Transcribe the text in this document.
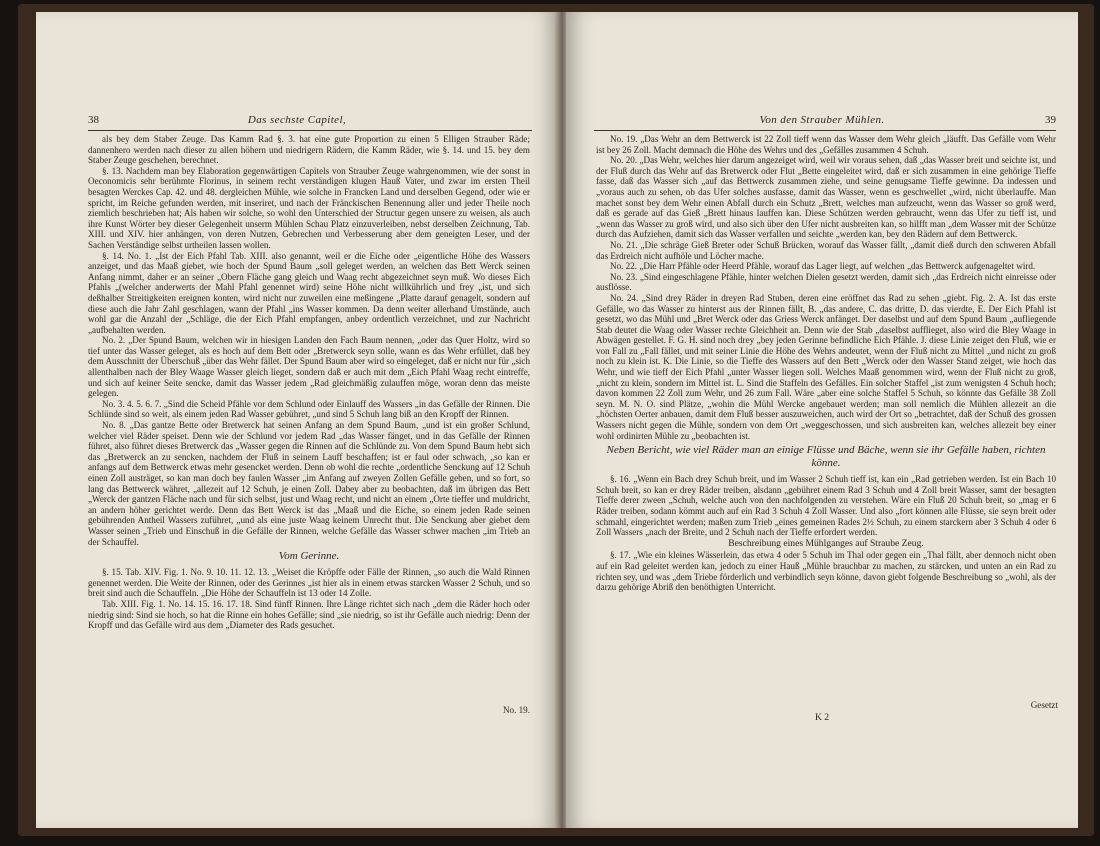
38	Das sechste Capitel,

als bey dem Staber Zeuge. Das Kamm Rad §. 3. hat eine gute Proportion zu einen 5 Elligen Strauber Räde; dannenhero werden nach dieser zu allen höhern und niedrigern Rädern, die Kamm Räder, wie §. 14. und 15. bey dem Staber Zeuge geschehen, berechnet.

§. 13. Nachdem man bey Elaboration gegenwärtigen Capitels von Strauber Zeuge wahrgenommen, wie der sonst in Oeconomicis sehr berühmte Florinus, in seinem recht verständigen klugen Hauß Vater, und zwar im ersten Theil besagten Werckes Cap. 42. und 48. dergleichen Mühle, wie solche in Francken Land und derselben Gegend, oder wie er spricht, im Reiche gefunden werden, mit inseriret, und nach der Fränckischen Benennung aller und jeder Theile noch ziemlich beschrieben hat; Als haben wir solche, so wohl den Unterschied der Structur gegen unsere zu weisen, als auch ihre Kunst Wörter bey dieser Gelegenheit unserm Mühlen Schau Platz einzuverleiben, nebst derselben Zeichnung, Tab. XIII. und XIV. hier anhängen, von deren Nutzen, Gebrechen und Verbesserung aber dem geneigten Leser, und der Sachen Verständige selbst urtheilen lassen wollen.

§. 14. No. 1. „Ist der Eich Pfahl Tab. XIII. also genannt, weil er die Eiche oder „eigentliche Höhe des Wassers anzeiget, und das Maaß giebet, wie hoch der Spund Baum „soll geleget werden, an welchen das Bett Werck seinen Anfang nimmt, daher er an seiner „Obern Fläche gang gleich und Waag recht abgezeichnet seyn muß. Wo dieses Eich Pfahls „(welcher anderwerts der Mahl Pfahl genennet wird) seine Höhe nicht willkührlich und frey „ist, und sich deßhalber Streitigkeiten ereignen konten, wird nicht nur zuweilen eine meßingene „Platte darauf genagelt, sondern auf diese auch die Jahr Zahl geschlagen, wann der Pfahl „ins Wasser kommen. Da denn weiter allerhand Umstände, auch wohl gar die Anzahl der „Schläge, die der Eich Pfahl empfangen, anbey ordentlich verzeichnet, und zur Nachricht „aufbehalten werden.

No. 2. „Der Spund Baum, welchen wir in hiesigen Landen den Fach Baum nennen, „oder das Quer Holtz, wird so tief unter das Wasser geleget, als es hoch auf dem Bett oder „Bretwerck seyn solle, wann es das Wehr erfüllet, daß bey dem Ausschnitt der Überschuß „über das Wehr fället. Der Spund Baum aber wird so eingeleget, daß er nicht nur für „sich allenthalben nach der Bley Waage Wasser gleich lieget, sondern daß er auch mit dem „Eich Pfahl Waag recht eintreffe, und sich auf keiner Seite sencke, damit das Wasser jedem „Rad gleichmäßig zulauffen möge, woran denn das meiste gelegen.

No. 3. 4. 5. 6. 7. „Sind die Scheid Pfähle vor dem Schlund oder Einlauff des Wassers „in das Gefälle der Rinnen. Die Schlünde sind so weit, als einem jeden Rad Wasser gebühret, „und sind 5 Schuh lang biß an den Kropff der Rinnen.

No. 8. „Das gantze Bette oder Bretwerck hat seinen Anfang an dem Spund Baum, „und ist ein großer Schlund, welcher viel Räder speiset. Denn wie der Schlund vor jedem Rad „das Wasser fänget, und in das Gefälle der Rinnen führet, also führet dieses Bretwerck das „Wasser gegen die Rinnen auf die Schlünde zu. Von dem Spund Baum hebt sich das „Bretwerck an zu sencken, nachdem der Fluß in seinem Lauff beschaffen; ist er faul oder schwach, „so kan er anfangs auf dem Bettwerck etwas mehr gesencket werden. Denn ob wohl die rechte „ordentliche Senckung auf 12 Schuh einen Zoll austräget, so kan man doch bey faulen Wasser „im Anfang auf zweyen Zollen Gefälle geben, und so fort, so lang das Bettwerck währet, „allezeit auf 12 Schuh, je einen Zoll. Dabey aber zu beobachten, daß im übrigen das Bett „Werck der gantzen Fläche nach und für sich selbst, just und Waag recht, und nicht an einem „Orte tieffer und muldricht, an andern höher gerichtet werde. Denn das Bett Werck ist das „Maaß und die Eiche, so einem jeden Rade seinen gebührenden Antheil Wassers zuführet, „und als eine juste Waag keinem Unrecht thut. Die Senckung aber giebet dem Wasser seinen „Trieb und Einschuß in die Gefälle der Rinnen, welche Gefälle das Wasser schwer machen „im Trieb an der Schauffel.

Vom Gerinne.

§. 15. Tab. XIV. Fig. 1. No. 9. 10. 11. 12. 13. „Weiset die Kröpffe oder Fälle der Rinnen, „so auch die Wald Rinnen genennet werden. Die Weite der Rinnen, oder des Gerinnes „ist hier als in einem etwas starcken Wasser 2 Schuh, und so breit sind auch die Schauffeln. „Die Höhe der Schauffeln ist 13 oder 14 Zolle.

Tab. XIII. Fig. 1. No. 14. 15. 16. 17. 18. Sind fünff Rinnen. Ihre Länge richtet sich nach „dem die Räder hoch oder niedrig sind: Sind sie hoch, so hat die Rinne ein hohes Gefälle; sind „sie niedrig, so ist ihr Gefälle auch niedrig: Denn der Kropff und das Gefälle wird aus dem „Diameter des Rads gesuchet.

No. 19.
Von den Strauber Mühlen.	39

No. 19. „Das Wehr an dem Bettwerck ist 22 Zoll tieff wenn das Wasser dem Wehr gleich „läufft. Das Gefälle vom Wehr ist bey 26 Zoll. Macht demnach die Höhe des Wehrs und des „Gefälles zusammen 4 Schuh.

No. 20. „Das Wehr, welches hier darum angezeiget wird, weil wir voraus sehen, daß „das Wasser breit und seichte ist, und der Fluß durch das Wehr auf das Bretwerck oder Flut „Bette eingeleitet wird, daß er sich zusammen in eine gehörige Tieffe fasse, daß das Wasser sich „auf das Bettwerck zusammen ziehe, und seine genugsame Tieffe gewinne. Da indessen und „voraus auch zu sehen, ob das Ufer solches ausfasse, damit das Wasser, wenn es geschwellet „wird, nicht überlauffe. Man machet sonst bey dem Wehr einen Abfall durch ein Schutz „Brett, welches man aufzeucht, wenn das Wasser so groß werd, daß es gerade auf das Gieß „Brett hinaus lauffen kan. Diese Schützen werden gebraucht, wenn das Ufer zu tieff ist, und „wenn das Wasser zu groß wird, und also sich über den Ufer nicht ausbreiten kan, so hilfft man „dem Wasser mit der Schütze durch das Aufziehen, damit sich das Wasser verfallen und seichte „werden kan, bey den Rädern auf dem Bettwerck.

No. 21. „Die schräge Gieß Breter oder Schuß Brücken, worauf das Wasser fällt, „damit dieß durch den schweren Abfall das Erdreich nicht aufhöle und Löcher mache.

No. 22. „Die Harr Pfähle oder Heerd Pfähle, worauf das Lager liegt, auf welchen „das Bettwerck aufgenageltet wird.

No. 23. „Sind eingeschlagene Pfähle, hinter welchen Dielen gesetzt werden, damit sich „das Erdreich nicht einreisse oder ausflösse.

No. 24. „Sind drey Räder in dreyen Rad Stuben, deren eine eröffnet das Rad zu sehen „giebt. Fig. 2. A. Ist das erste Gefälle, wo das Wasser zu hinterst aus der Rinnen fällt, B. „das andere, C. das dritte, D. das vierdte, E. Der Eich Pfahl ist gesetzt, wo das Mühl und „Bret Werck oder das Griess Werck anfänget. Der daselbst und auf dem Spund Baum „aufliegende Stab deutet die Waag oder Wasser rechte Gleichheit an. Denn wie der Stab „daselbst aufflieget, also wird die Bley Waage in Abwägen gestellet. F. G. H. sind noch drey „bey jeden Gerinne befindliche Eich Pfähle. J. diese Linie zeiget den Fluß, wie er von Fall zu „Fall fället, und mit seiner Linie die Höhe des Wehrs andeutet, wenn der Fluß nicht zu Mittel „und nicht zu groß noch zu klein ist. K. Die Linie, so die Tieffe des Wassers auf den Bett „Werck oder den Wasser Stand zeiget, wie hoch das Wehr, und wie tieff der Eich Pfahl „unter Wasser liegen soll. Welches Maaß genommen wird, wenn der Fluß nicht zu groß, „nicht zu klein, sondern im Mittel ist. L. Sind die Staffeln des Gefälles. Ein solcher Staffel „ist zum wenigsten 4 Schuh hoch; davon kommen 22 Zoll zum Wehr, und 26 zum Fall. Wäre „aber eine solche Staffel 5 Schuh, so könnte das Gefälle 38 Zoll seyn. M. N. O. sind Plätze, „wohin die Mühl Wercke angebauet werden; man soll nemlich die Mühlen allezeit an die „höchsten Oerter anbauen, damit dem Fluß besser auszuweichen, auch wird der Ort so „betrachtet, daß der Schuß des grossen Wassers nicht gegen die Mühle, sondern von dem Ort „weggeschossen, und sich ausbreiten kan, welches allezeit bey einer wohl ordinirten Mühle zu „beobachten ist.

Neben Bericht, wie viel Räder man an einige Flüsse und Bäche, wenn sie ihr Gefälle haben, richten könne.

§. 16. „Wenn ein Bach drey Schuh breit, und im Wasser 2 Schuh tieff ist, kan ein „Rad getrieben werden. Ist ein Bach 10 Schuh breit, so kan er drey Räder treiben, alsdann „gebühret einem Rad 3 Schuh und 4 Zoll breit Wasser, samt der besagten Tieffe derer zween „Schuh, welche auch von den nachfolgenden zu verstehen. Wäre ein Fluß 20 Schuh breit, so „mag er 6 Räder treiben, sodann kömmt auch auf ein Rad 3 Schuh 4 Zoll Wasser. Und also „fort können alle Flüsse, sie seyn breit oder schmahl, eingerichtet werden; maßen zum Trieb „eines gemeinen Rades 2½ Schuh, zu einem starckern aber 3 Schuh 4 oder 6 Zoll Wassers „nach der Breite, und 2 Schuh nach der Tieffe erfordert werden.

Beschreibung eines Mühlganges auf Straube Zeug.

§. 17. „Wie ein kleines Wässerlein, das etwa 4 oder 5 Schuh im Thal oder gegen ein „Thal fällt, aber dennoch nicht oben auf ein Rad geleitet werden kan, jedoch zu einer Hauß „Mühle brauchbar zu machen, zu stärcken, und unten an ein Rad zu richten sey, und was „dem Triebe förderlich und verbindlich seyn könne, davon giebt folgende Beschreibung so „wohl, als der darzu gehörige Abriß den benöthigten Unterricht.

K 2
Gesetzt
